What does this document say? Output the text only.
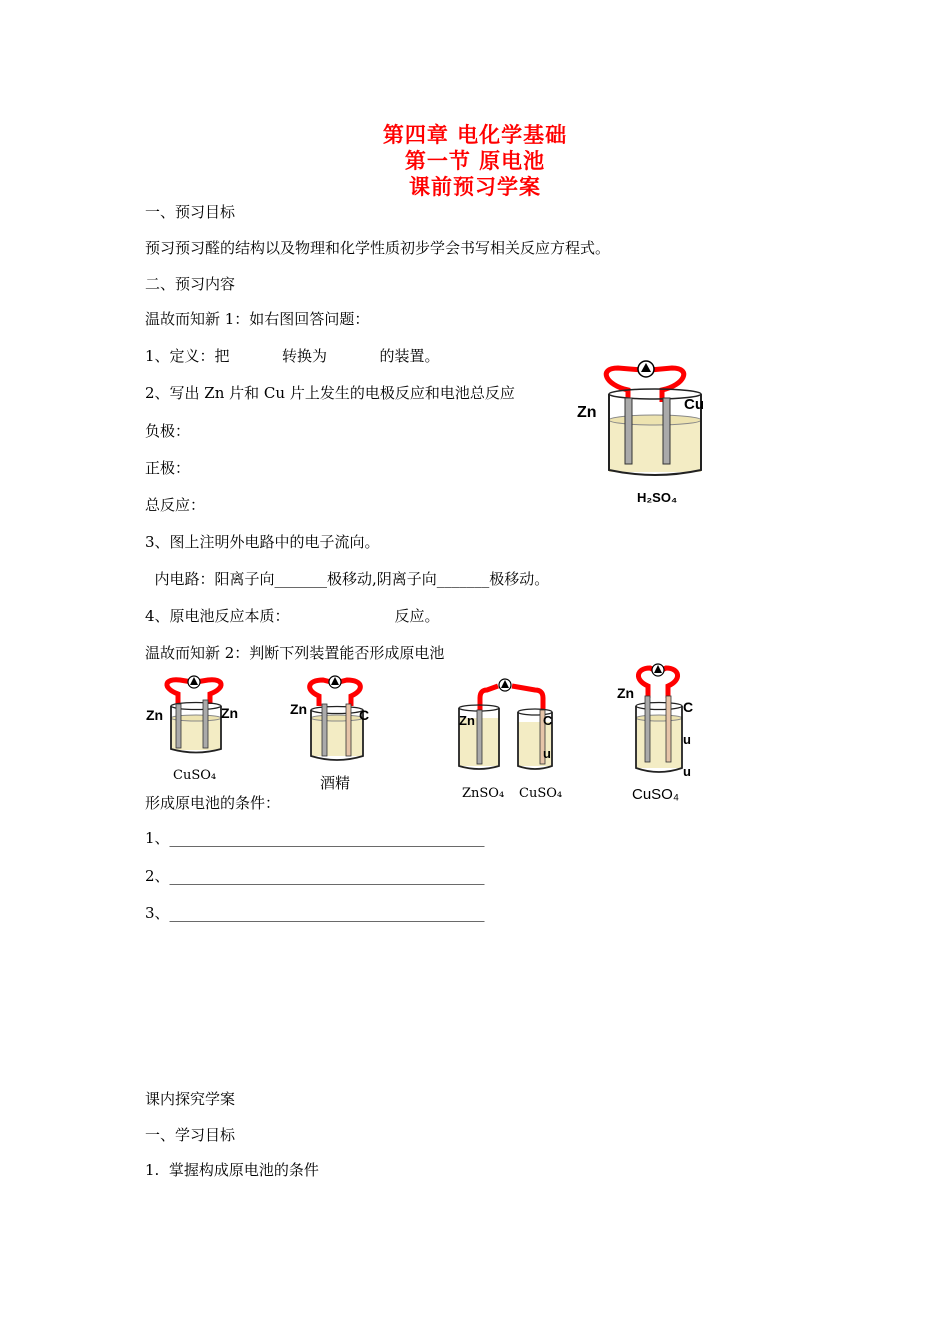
第四章 电化学基础
第一节 原电池
课前预习学案
一、预习目标
预习预习醛的结构以及物理和化学性质初步学会书写相关反应方程式。
二、预习内容
温故而知新 1：如右图回答问题：
1、定义：把           转换为           的装置。
2、写出 Zn 片和 Cu 片上发生的电极反应和电池总反应
负极：
正极：
总反应：
3、图上注明外电路中的电子流向。
内电路：阳离子向_______极移动,阴离子向_______极移动。
4、原电池反应本质：                      反应。
温故而知新 2：判断下列装置能否形成原电池
形成原电池的条件：
1、__________________________________________
2、__________________________________________
3、__________________________________________
课内探究学案
一、学习目标
1.  掌握构成原电池的条件
Zn	Cu
H₂SO₄
Zn	Zn
CuSO₄
Zn	C
酒精
Zn	C
u
ZnSO₄ CuSO₄
Zn
C
u
u
CuSO₄
